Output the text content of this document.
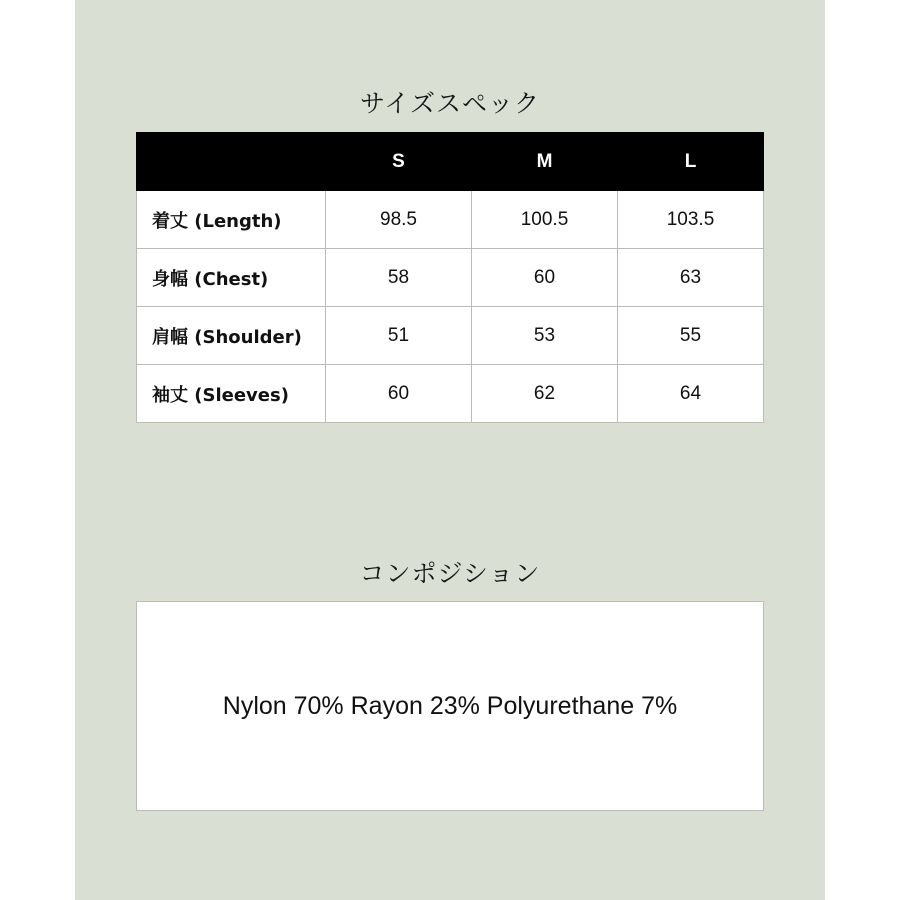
サイズスペック
	S	M	L
着丈 (Length)	98.5	100.5	103.5
身幅 (Chest)	58	60	63
肩幅 (Shoulder)	51	53	55
袖丈 (Sleeves)	60	62	64
コンポジション
Nylon 70% Rayon 23% Polyurethane 7%
